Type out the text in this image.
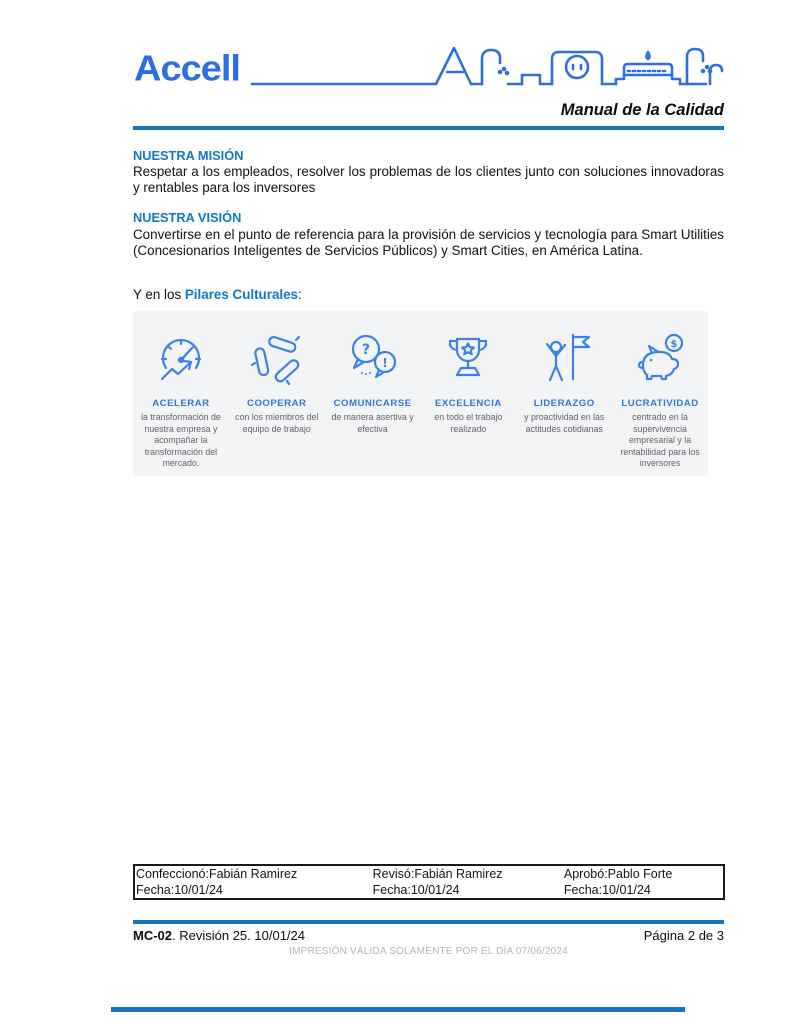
Accell
Manual de la Calidad
NUESTRA MISIÓN
Respetar a los empleados, resolver los problemas de los clientes junto con soluciones innovadoras y rentables para los inversores
NUESTRA VISIÓN
Convertirse en el punto de referencia para la provisión de servicios y tecnología para Smart Utilities (Concesionarios Inteligentes de Servicios Públicos) y Smart Cities, en América Latina.
Y en los Pilares Culturales:
ACELERAR
la transformación de nuestra empresa y acompañar la transformación del mercado.
COOPERAR
con los miembros del equipo de trabajo
?
!
COMUNICARSE
de manera asertiva y efectiva
EXCELENCIA
en todo el trabajo realizado
LIDERAZGO
y proactividad en las actitudes cotidianas
$
LUCRATIVIDAD
centrado en la supervivencia empresarial y la rentabilidad para los inversores
Confeccionó:Fabián Ramirez	Revisó:Fabián Ramirez	Aprobó:Pablo Forte
Fecha:10/01/24	Fecha:10/01/24	Fecha:10/01/24
MC-02. Revisión 25. 10/01/24	Página 2 de 3
IMPRESIÓN VÁLIDA SOLAMENTE POR EL DÍA 07/06/2024
